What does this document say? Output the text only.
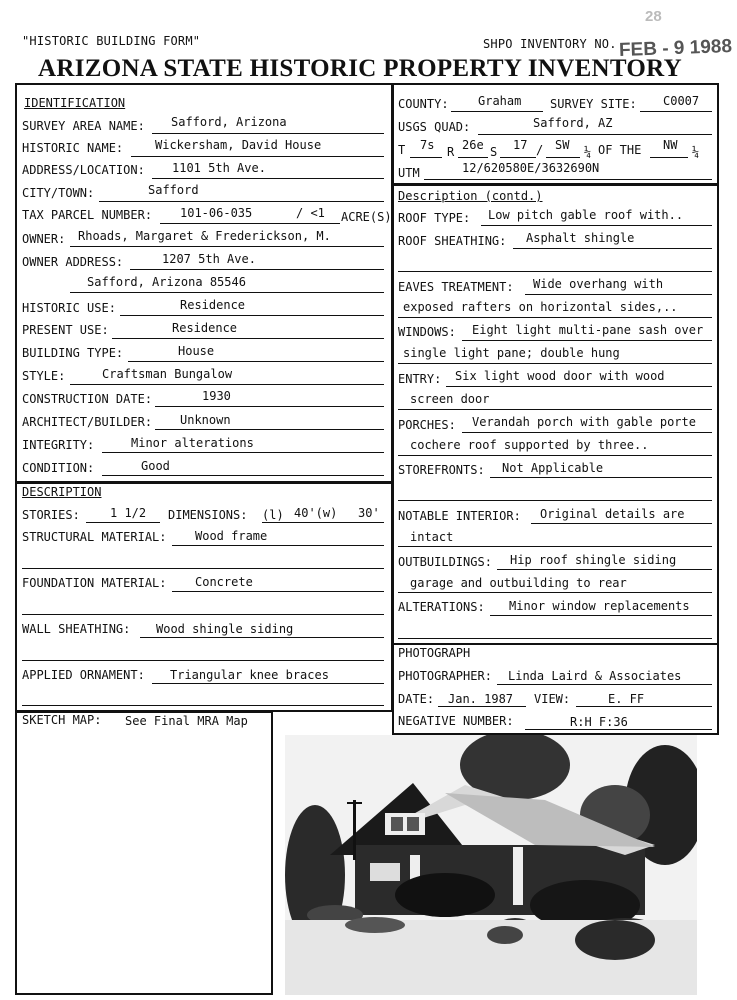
"HISTORIC BUILDING FORM"	SHPO INVENTORY NO.
28
FEB - 9 1988
ARIZONA STATE HISTORIC PROPERTY INVENTORY
IDENTIFICATION
SURVEY AREA NAME: Safford, Arizona
HISTORIC NAME:	Wickersham, David House
ADDRESS/LOCATION: 1101 5th Ave.
CITY/TOWN:	Safford
TAX PARCEL NUMBER: 101-06-035	/ <1 ACRE(S)
OWNER: Rhoads, Margaret & Frederickson, M.
OWNER ADDRESS:	1207 5th Ave.
Safford, Arizona 85546
HISTORIC USE:	Residence
PRESENT USE:	Residence
BUILDING TYPE:	House
STYLE:	Craftsman Bungalow
CONSTRUCTION DATE:	1930
ARCHITECT/BUILDER: Unknown
INTEGRITY:	Minor alterations
CONDITION:	Good
COUNTY: Graham SURVEY SITE: C0007
USGS QUAD:	Safford, AZ
T 7s R 26e S 17 / SW ¼ OF THE NW ¼
UTM	12/620580E/3632690N
Description (contd.)
ROOF TYPE: Low pitch gable roof with..
ROOF SHEATHING: Asphalt shingle
EAVES TREATMENT: Wide overhang with
exposed rafters on horizontal sides,..
WINDOWS: Eight light multi-pane sash over
single light pane; double hung
ENTRY: Six light wood door with wood
screen door
PORCHES: Verandah porch with gable porte
cochere roof supported by three..
STOREFRONTS: Not Applicable
NOTABLE INTERIOR: Original details are
intact
OUTBUILDINGS: Hip roof shingle siding
garage and outbuilding to rear
ALTERATIONS: Minor window replacements
DESCRIPTION
STORIES:	1 1/2 DIMENSIONS: (l) 40'(w) 30'
STRUCTURAL MATERIAL: Wood frame
FOUNDATION MATERIAL: Concrete
WALL SHEATHING: Wood shingle siding
APPLIED ORNAMENT: Triangular knee braces
SKETCH MAP: See Final MRA Map
PHOTOGRAPH
PHOTOGRAPHER: Linda Laird & Associates
DATE: Jan. 1987 VIEW:	E. FF
NEGATIVE NUMBER:	R:H F:36
